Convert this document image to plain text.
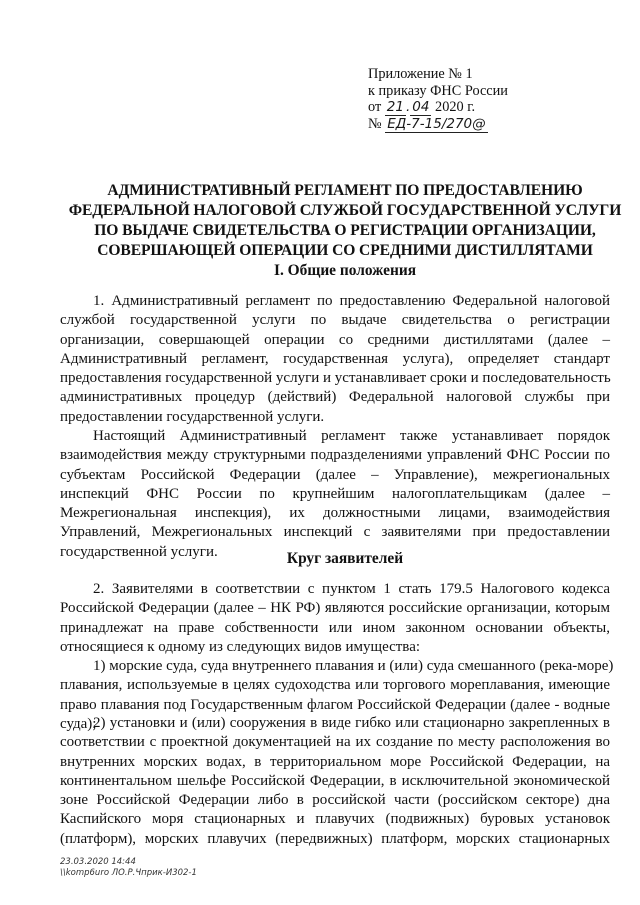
Приложение № 1
к приказу ФНС России
от 21 . 04 2020 г.
№ ЕД-7-15/270@
АДМИНИСТРАТИВНЫЙ РЕГЛАМЕНТ ПО ПРЕДОСТАВЛЕНИЮ
ФЕДЕРАЛЬНОЙ НАЛОГОВОЙ СЛУЖБОЙ ГОСУДАРСТВЕННОЙ УСЛУГИ
ПО ВЫДАЧЕ СВИДЕТЕЛЬСТВА О РЕГИСТРАЦИИ ОРГАНИЗАЦИИ,
СОВЕРШАЮЩЕЙ ОПЕРАЦИИ СО СРЕДНИМИ ДИСТИЛЛЯТАМИ
I. Общие положения
1. Административный регламент по предоставлению Федеральной налоговой
службой государственной услуги по выдаче свидетельства о регистрации
организации, совершающей операции со средними дистиллятами (далее –
Административный регламент, государственная услуга), определяет стандарт
предоставления государственной услуги и устанавливает сроки и последовательность
административных процедур (действий) Федеральной налоговой службы при
предоставлении государственной услуги.
Настоящий Административный регламент также устанавливает порядок
взаимодействия между структурными подразделениями управлений ФНС России по
субъектам Российской Федерации (далее – Управление), межрегиональных
инспекций ФНС России по крупнейшим налогоплательщикам (далее –
Межрегиональная инспекция), их должностными лицами, взаимодействия
Управлений, Межрегиональных инспекций с заявителями при предоставлении
государственной услуги.	Круг заявителей
2. Заявителями в соответствии с пунктом 1 стать 179.5 Налогового кодекса
Российской Федерации (далее – НК РФ) являются российские организации, которым
принадлежат на праве собственности или ином законном основании объекты,
относящиеся к одному из следующих видов имущества:
1) морские суда, суда внутреннего плавания и (или) суда смешанного (река-море)
плавания, используемые в целях судоходства или торгового мореплавания, имеющие
право плавания под Государственным флагом Российской Федерации (далее - водные
суда);
2) установки и (или) сооружения в виде гибко или стационарно закрепленных в
соответствии с проектной документацией на их создание по месту расположения во
внутренних морских водах, в территориальном море Российской Федерации, на
континентальном шельфе Российской Федерации, в исключительной экономической
зоне Российской Федерации либо в российской части (российском секторе) дна
Каспийского моря стационарных и плавучих (подвижных) буровых установок
(платформ), морских плавучих (передвижных) платформ, морских стационарных
23.03.2020 14:44
\\komp6uro ЛО.Р.Чприк-И302-1
